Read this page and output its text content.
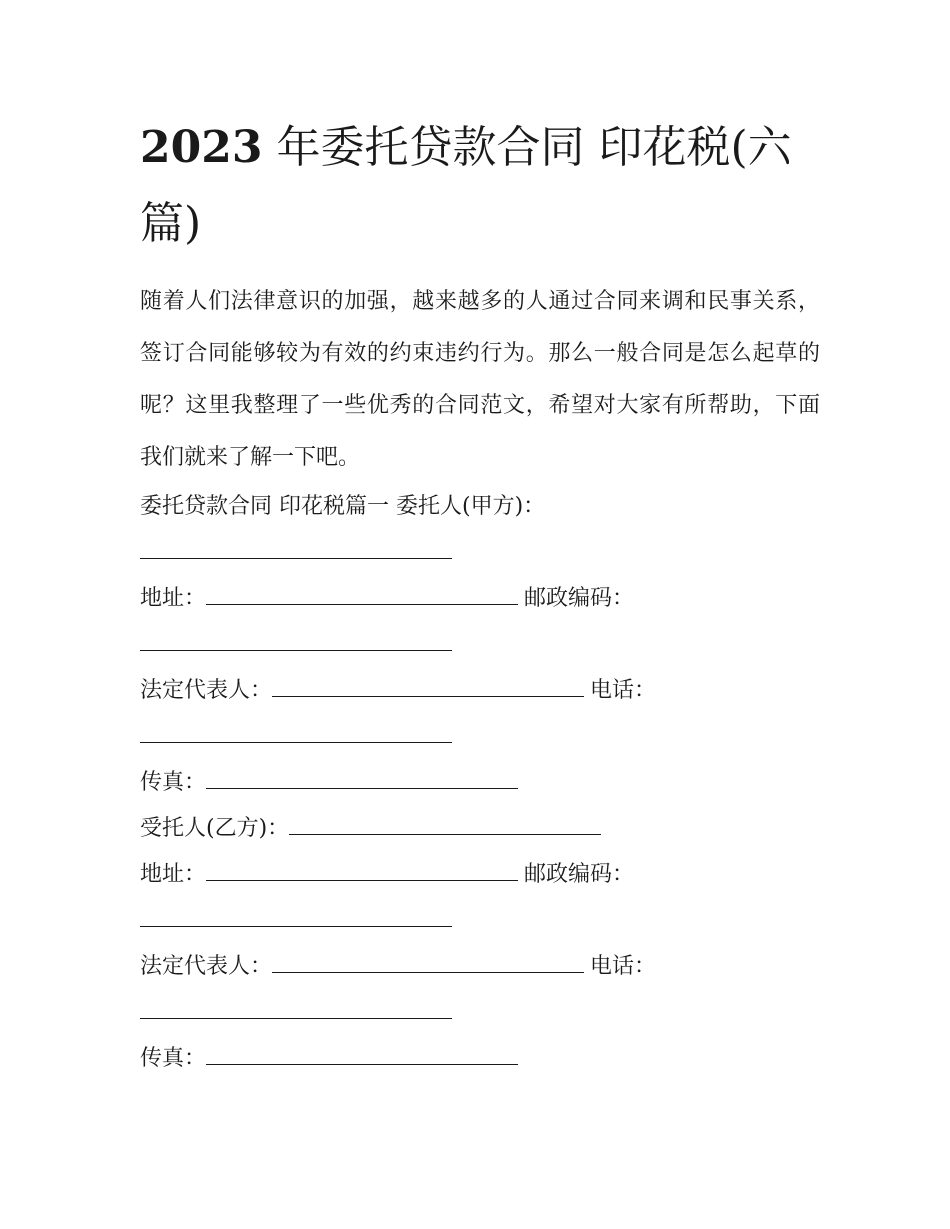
2023 年委托贷款合同 印花税(六篇)

随着人们法律意识的加强，越来越多的人通过合同来调和民事关系，签订合同能够较为有效的约束违约行为。那么一般合同是怎么起草的呢？这里我整理了一些优秀的合同范文，希望对大家有所帮助，下面我们就来了解一下吧。

委托贷款合同 印花税篇一 委托人(甲方)：
地址：	邮政编码：
法定代表人：	电话：
传真：
受托人(乙方)：
地址：	邮政编码：
法定代表人：	电话：
传真：
